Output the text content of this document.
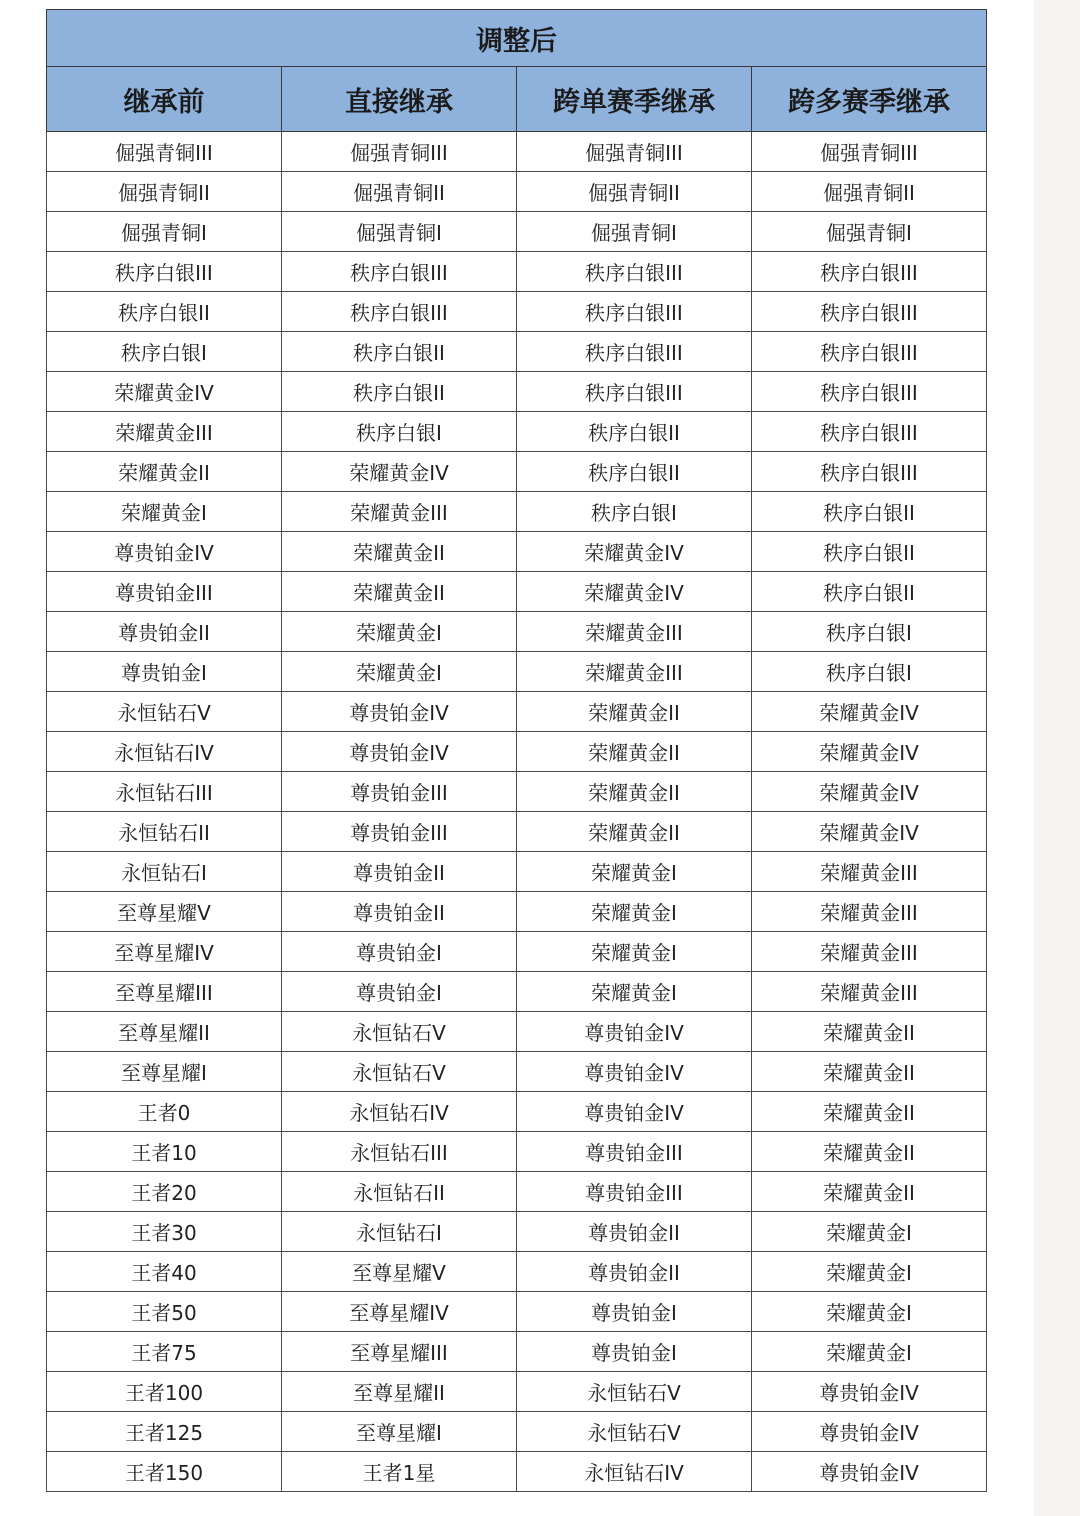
调整后			
继承前	直接继承	跨单赛季继承	跨多赛季继承
倔强青铜III	倔强青铜III	倔强青铜III	倔强青铜III
倔强青铜II	倔强青铜II	倔强青铜II	倔强青铜II
倔强青铜I	倔强青铜I	倔强青铜I	倔强青铜I
秩序白银III	秩序白银III	秩序白银III	秩序白银III
秩序白银II	秩序白银III	秩序白银III	秩序白银III
秩序白银I	秩序白银II	秩序白银III	秩序白银III
荣耀黄金IV	秩序白银II	秩序白银III	秩序白银III
荣耀黄金III	秩序白银I	秩序白银II	秩序白银III
荣耀黄金II	荣耀黄金IV	秩序白银II	秩序白银III
荣耀黄金I	荣耀黄金III	秩序白银I	秩序白银II
尊贵铂金IV	荣耀黄金II	荣耀黄金IV	秩序白银II
尊贵铂金III	荣耀黄金II	荣耀黄金IV	秩序白银II
尊贵铂金II	荣耀黄金I	荣耀黄金III	秩序白银I
尊贵铂金I	荣耀黄金I	荣耀黄金III	秩序白银I
永恒钻石V	尊贵铂金IV	荣耀黄金II	荣耀黄金IV
永恒钻石IV	尊贵铂金IV	荣耀黄金II	荣耀黄金IV
永恒钻石III	尊贵铂金III	荣耀黄金II	荣耀黄金IV
永恒钻石II	尊贵铂金III	荣耀黄金II	荣耀黄金IV
永恒钻石I	尊贵铂金II	荣耀黄金I	荣耀黄金III
至尊星耀V	尊贵铂金II	荣耀黄金I	荣耀黄金III
至尊星耀IV	尊贵铂金I	荣耀黄金I	荣耀黄金III
至尊星耀III	尊贵铂金I	荣耀黄金I	荣耀黄金III
至尊星耀II	永恒钻石V	尊贵铂金IV	荣耀黄金II
至尊星耀I	永恒钻石V	尊贵铂金IV	荣耀黄金II
王者0	永恒钻石IV	尊贵铂金IV	荣耀黄金II
王者10	永恒钻石III	尊贵铂金III	荣耀黄金II
王者20	永恒钻石II	尊贵铂金III	荣耀黄金II
王者30	永恒钻石I	尊贵铂金II	荣耀黄金I
王者40	至尊星耀V	尊贵铂金II	荣耀黄金I
王者50	至尊星耀IV	尊贵铂金I	荣耀黄金I
王者75	至尊星耀III	尊贵铂金I	荣耀黄金I
王者100	至尊星耀II	永恒钻石V	尊贵铂金IV
王者125	至尊星耀I	永恒钻石V	尊贵铂金IV
王者150	王者1星	永恒钻石IV	尊贵铂金IV
